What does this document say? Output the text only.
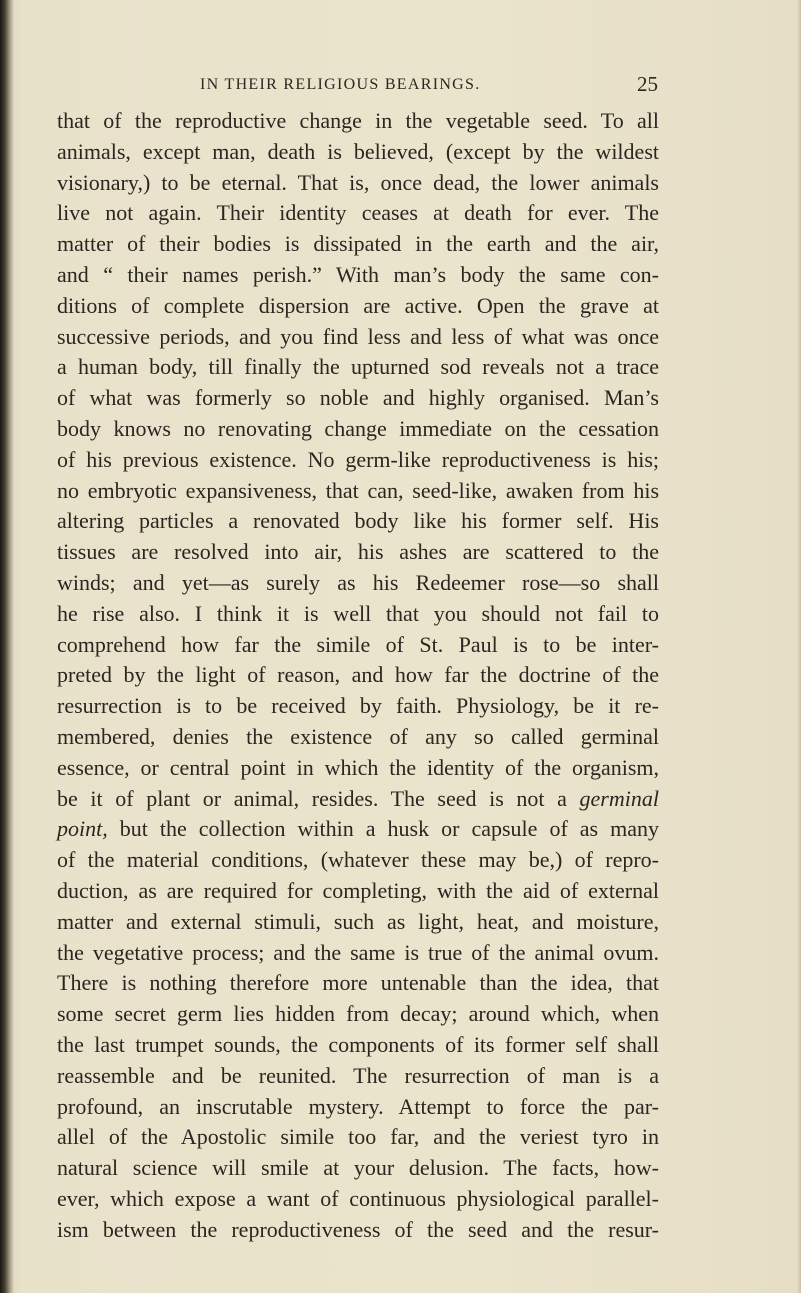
IN THEIR RELIGIOUS BEARINGS.	25
that of the reproductive change in the vegetable seed. To all
animals, except man, death is believed, (except by the wildest
visionary,) to be eternal. That is, once dead, the lower animals
live not again. Their identity ceases at death for ever. The
matter of their bodies is dissipated in the earth and the air,
and “ their names perish.” With man’s body the same con-
ditions of complete dispersion are active. Open the grave at
successive periods, and you find less and less of what was once
a human body, till finally the upturned sod reveals not a trace
of what was formerly so noble and highly organised. Man’s
body knows no renovating change immediate on the cessation
of his previous existence. No germ-like reproductiveness is his;
no embryotic expansiveness, that can, seed-like, awaken from his
altering particles a renovated body like his former self. His
tissues are resolved into air, his ashes are scattered to the
winds; and yet—as surely as his Redeemer rose—so shall
he rise also. I think it is well that you should not fail to
comprehend how far the simile of St. Paul is to be inter-
preted by the light of reason, and how far the doctrine of the
resurrection is to be received by faith. Physiology, be it re-
membered, denies the existence of any so called germinal
essence, or central point in which the identity of the organism,
be it of plant or animal, resides. The seed is not a germinal
point, but the collection within a husk or capsule of as many
of the material conditions, (whatever these may be,) of repro-
duction, as are required for completing, with the aid of external
matter and external stimuli, such as light, heat, and moisture,
the vegetative process; and the same is true of the animal ovum.
There is nothing therefore more untenable than the idea, that
some secret germ lies hidden from decay; around which, when
the last trumpet sounds, the components of its former self shall
reassemble and be reunited. The resurrection of man is a
profound, an inscrutable mystery. Attempt to force the par-
allel of the Apostolic simile too far, and the veriest tyro in
natural science will smile at your delusion. The facts, how-
ever, which expose a want of continuous physiological parallel-
ism between the reproductiveness of the seed and the resur-
